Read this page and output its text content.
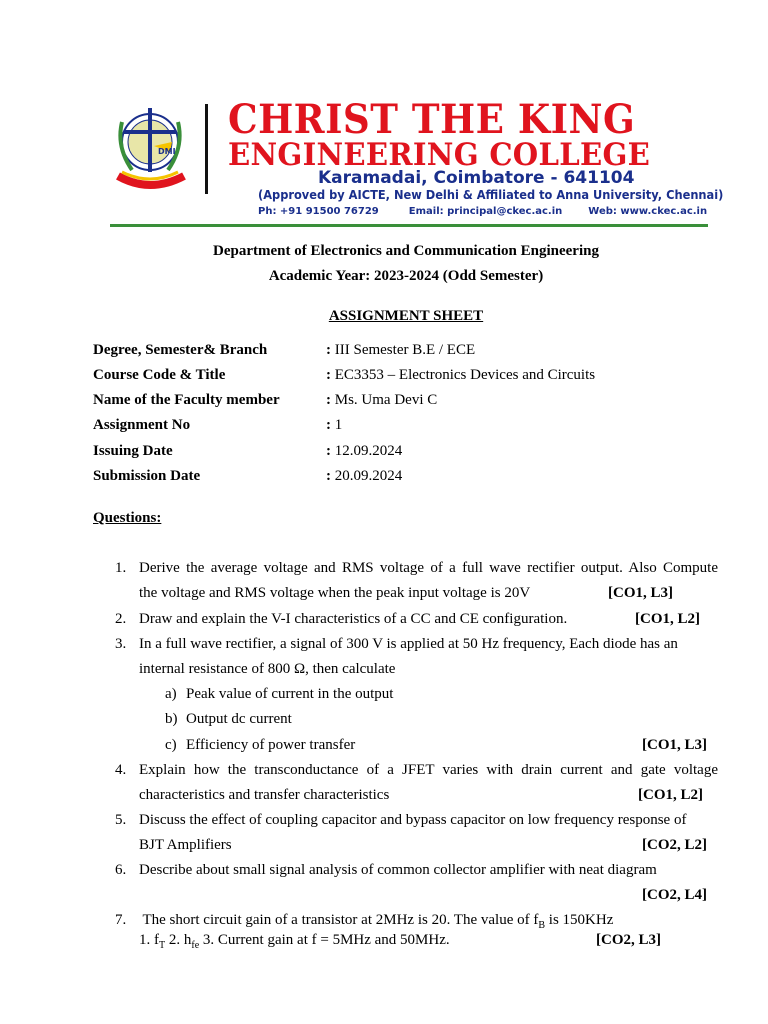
DMI
CHRIST THE KING
ENGINEERING COLLEGE
Karamadai, Coimbatore - 641104
(Approved by AICTE, New Delhi & Affiliated to Anna University, Chennai)
Ph: +91 91500 76729	Email: principal@ckec.ac.in	Web: www.ckec.ac.in
Department of Electronics and Communication Engineering
Academic Year: 2023-2024 (Odd Semester)
ASSIGNMENT SHEET
Degree, Semester& Branch	: III Semester B.E / ECE
Course Code & Title	: EC3353 – Electronics Devices and Circuits
Name of the Faculty member	: Ms. Uma Devi C
Assignment No	: 1
Issuing Date	: 12.09.2024
Submission Date	: 20.09.2024
Questions:
1. Derive the average voltage and RMS voltage of a full wave rectifier output. Also Compute
the voltage and RMS voltage when the peak input voltage is 20V	[CO1, L3]
2. Draw and explain the V-I characteristics of a CC and CE configuration.	[CO1, L2]
3. In a full wave rectifier, a signal of 300 V is applied at 50 Hz frequency, Each diode has an
internal resistance of 800 Ω, then calculate
a) Peak value of current in the output
b) Output dc current
c) Efficiency of power transfer	[CO1, L3]
4. Explain how the transconductance of a JFET varies with drain current and gate voltage
characteristics and transfer characteristics	[CO1, L2]
5. Discuss the effect of coupling capacitor and bypass capacitor on low frequency response of
BJT Amplifiers	[CO2, L2]
6. Describe about small signal analysis of common collector amplifier with neat diagram
[CO2, L4]
7. The short circuit gain of a transistor at 2MHz is 20. The value of $f_B$ is 150KHz
1. $f_T$ 2. $h_{fe}$ 3. Current gain at f = 5MHz and 50MHz.	[CO2, L3]
